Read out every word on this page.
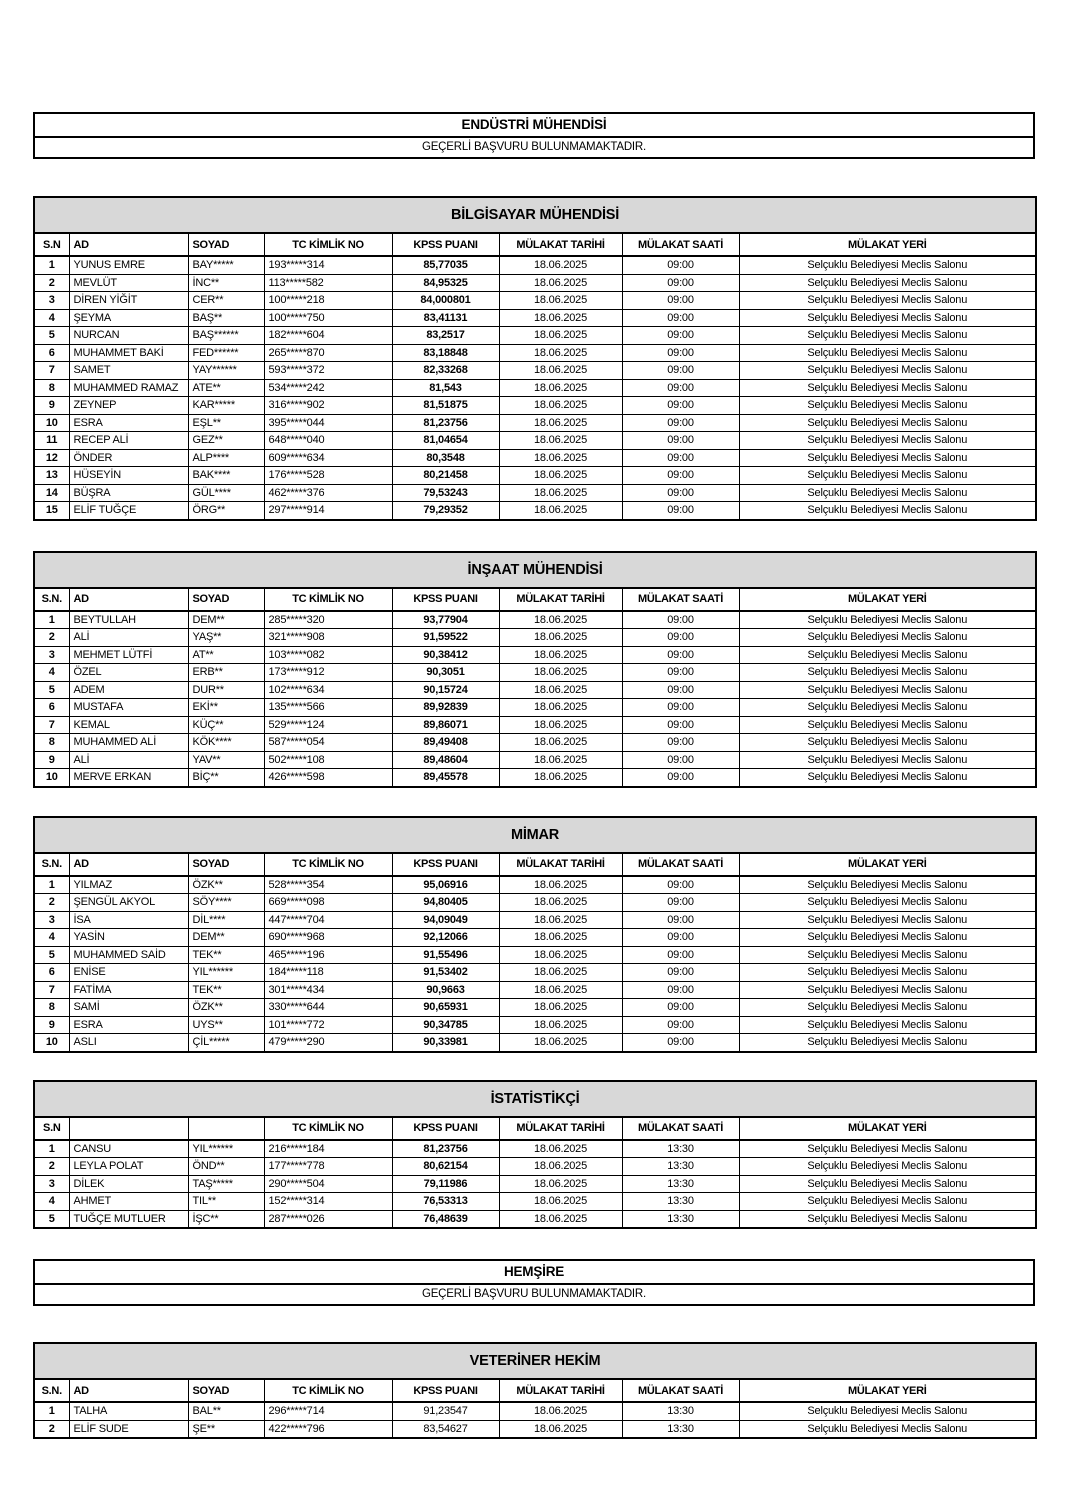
ENDÜSTRİ MÜHENDİSİ
GEÇERLİ BAŞVURU BULUNMAMAKTADIR.
BİLGİSAYAR MÜHENDİSİ							
S.N	AD	SOYAD	TC KİMLİK NO	KPSS PUANI	MÜLAKAT TARİHİ	MÜLAKAT SAATİ	MÜLAKAT YERİ
1	YUNUS EMRE	BAY*****	193*****314	85,77035	18.06.2025	09:00	Selçuklu Belediyesi Meclis Salonu
2	MEVLÜT	İNC**	113*****582	84,95325	18.06.2025	09:00	Selçuklu Belediyesi Meclis Salonu
3	DİREN YİĞİT	CER**	100*****218	84,000801	18.06.2025	09:00	Selçuklu Belediyesi Meclis Salonu
4	ŞEYMA	BAŞ**	100*****750	83,41131	18.06.2025	09:00	Selçuklu Belediyesi Meclis Salonu
5	NURCAN	BAŞ******	182*****604	83,2517	18.06.2025	09:00	Selçuklu Belediyesi Meclis Salonu
6	MUHAMMET BAKİ	FED******	265*****870	83,18848	18.06.2025	09:00	Selçuklu Belediyesi Meclis Salonu
7	SAMET	YAY******	593*****372	82,33268	18.06.2025	09:00	Selçuklu Belediyesi Meclis Salonu
8	MUHAMMED RAMAZ	ATE**	534*****242	81,543	18.06.2025	09:00	Selçuklu Belediyesi Meclis Salonu
9	ZEYNEP	KAR*****	316*****902	81,51875	18.06.2025	09:00	Selçuklu Belediyesi Meclis Salonu
10	ESRA	EŞL**	395*****044	81,23756	18.06.2025	09:00	Selçuklu Belediyesi Meclis Salonu
11	RECEP ALİ	GEZ**	648*****040	81,04654	18.06.2025	09:00	Selçuklu Belediyesi Meclis Salonu
12	ÖNDER	ALP****	609*****634	80,3548	18.06.2025	09:00	Selçuklu Belediyesi Meclis Salonu
13	HÜSEYİN	BAK****	176*****528	80,21458	18.06.2025	09:00	Selçuklu Belediyesi Meclis Salonu
14	BÜŞRA	GÜL****	462*****376	79,53243	18.06.2025	09:00	Selçuklu Belediyesi Meclis Salonu
15	ELİF TUĞÇE	ÖRG**	297*****914	79,29352	18.06.2025	09:00	Selçuklu Belediyesi Meclis Salonu
İNŞAAT MÜHENDİSİ							
S.N.	AD	SOYAD	TC KİMLİK NO	KPSS PUANI	MÜLAKAT TARİHİ	MÜLAKAT SAATİ	MÜLAKAT YERİ
1	BEYTULLAH	DEM**	285*****320	93,77904	18.06.2025	09:00	Selçuklu Belediyesi Meclis Salonu
2	ALİ	YAŞ**	321*****908	91,59522	18.06.2025	09:00	Selçuklu Belediyesi Meclis Salonu
3	MEHMET LÜTFİ	AT**	103*****082	90,38412	18.06.2025	09:00	Selçuklu Belediyesi Meclis Salonu
4	ÖZEL	ERB**	173*****912	90,3051	18.06.2025	09:00	Selçuklu Belediyesi Meclis Salonu
5	ADEM	DUR**	102*****634	90,15724	18.06.2025	09:00	Selçuklu Belediyesi Meclis Salonu
6	MUSTAFA	EKİ**	135*****566	89,92839	18.06.2025	09:00	Selçuklu Belediyesi Meclis Salonu
7	KEMAL	KÜÇ**	529*****124	89,86071	18.06.2025	09:00	Selçuklu Belediyesi Meclis Salonu
8	MUHAMMED ALİ	KÖK****	587*****054	89,49408	18.06.2025	09:00	Selçuklu Belediyesi Meclis Salonu
9	ALİ	YAV**	502*****108	89,48604	18.06.2025	09:00	Selçuklu Belediyesi Meclis Salonu
10	MERVE ERKAN	BİÇ**	426*****598	89,45578	18.06.2025	09:00	Selçuklu Belediyesi Meclis Salonu
MİMAR							
S.N.	AD	SOYAD	TC KİMLİK NO	KPSS PUANI	MÜLAKAT TARİHİ	MÜLAKAT SAATİ	MÜLAKAT YERİ
1	YILMAZ	ÖZK**	528*****354	95,06916	18.06.2025	09:00	Selçuklu Belediyesi Meclis Salonu
2	ŞENGÜL AKYOL	SÖY****	669*****098	94,80405	18.06.2025	09:00	Selçuklu Belediyesi Meclis Salonu
3	İSA	DİL****	447*****704	94,09049	18.06.2025	09:00	Selçuklu Belediyesi Meclis Salonu
4	YASİN	DEM**	690*****968	92,12066	18.06.2025	09:00	Selçuklu Belediyesi Meclis Salonu
5	MUHAMMED SAİD	TEK**	465*****196	91,55496	18.06.2025	09:00	Selçuklu Belediyesi Meclis Salonu
6	ENİSE	YIL******	184*****118	91,53402	18.06.2025	09:00	Selçuklu Belediyesi Meclis Salonu
7	FATİMA	TEK**	301*****434	90,9663	18.06.2025	09:00	Selçuklu Belediyesi Meclis Salonu
8	SAMİ	ÖZK**	330*****644	90,65931	18.06.2025	09:00	Selçuklu Belediyesi Meclis Salonu
9	ESRA	UYS**	101*****772	90,34785	18.06.2025	09:00	Selçuklu Belediyesi Meclis Salonu
10	ASLI	ÇİL*****	479*****290	90,33981	18.06.2025	09:00	Selçuklu Belediyesi Meclis Salonu
İSTATİSTİKÇİ							
S.N			TC KİMLİK NO	KPSS PUANI	MÜLAKAT TARİHİ	MÜLAKAT SAATİ	MÜLAKAT YERİ
1	CANSU	YIL******	216*****184	81,23756	18.06.2025	13:30	Selçuklu Belediyesi Meclis Salonu
2	LEYLA POLAT	ÖND**	177*****778	80,62154	18.06.2025	13:30	Selçuklu Belediyesi Meclis Salonu
3	DİLEK	TAŞ*****	290*****504	79,11986	18.06.2025	13:30	Selçuklu Belediyesi Meclis Salonu
4	AHMET	TIL**	152*****314	76,53313	18.06.2025	13:30	Selçuklu Belediyesi Meclis Salonu
5	TUĞÇE MUTLUER	İŞC**	287*****026	76,48639	18.06.2025	13:30	Selçuklu Belediyesi Meclis Salonu
HEMŞİRE
GEÇERLİ BAŞVURU BULUNMAMAKTADIR.
VETERİNER HEKİM							
S.N.	AD	SOYAD	TC KİMLİK NO	KPSS PUANI	MÜLAKAT TARİHİ	MÜLAKAT SAATİ	MÜLAKAT YERİ
1	TALHA	BAL**	296*****714	91,23547	18.06.2025	13:30	Selçuklu Belediyesi Meclis Salonu
2	ELİF SUDE	ŞE**	422*****796	83,54627	18.06.2025	13:30	Selçuklu Belediyesi Meclis Salonu
